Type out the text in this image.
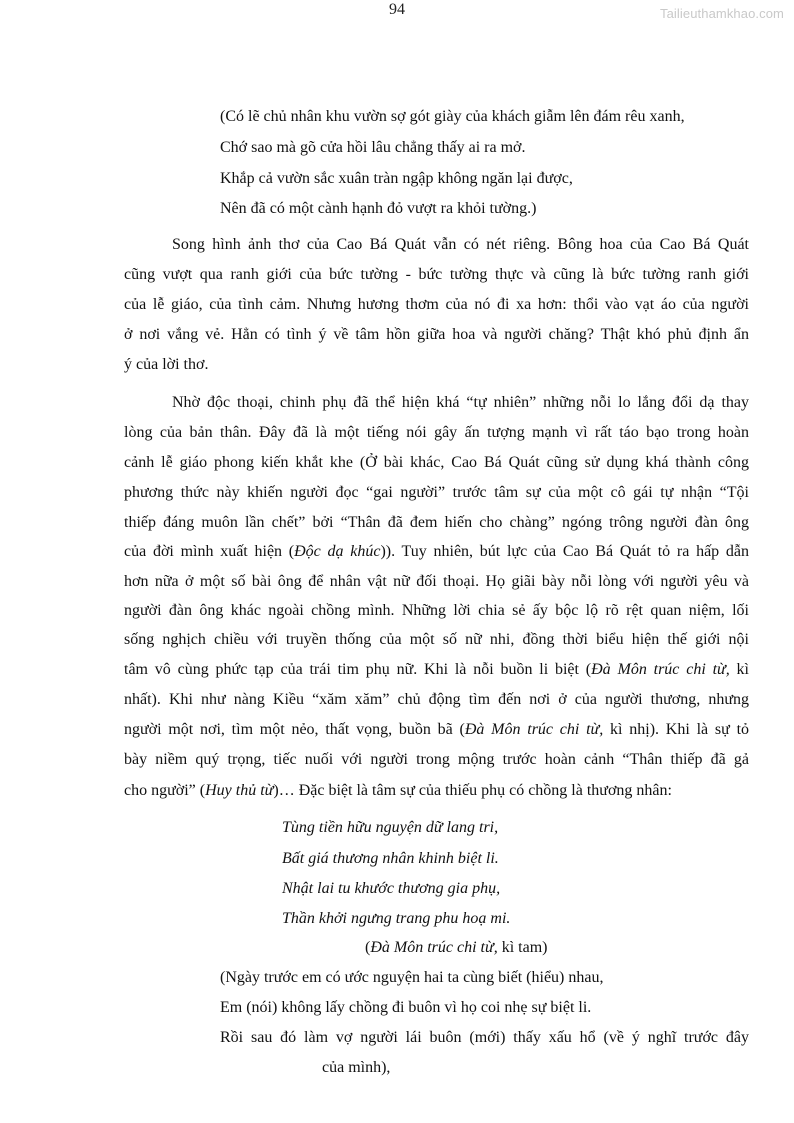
94	Tailieuthamkhao.com
(Có lẽ chủ nhân khu vườn sợ gót giày của khách giẫm lên đám rêu xanh,
Chớ sao mà gõ cửa hồi lâu chẳng thấy ai ra mở.
Khắp cả vườn sắc xuân tràn ngập không ngăn lại được,
Nên đã có một cành hạnh đỏ vượt ra khỏi tường.)
Song hình ảnh thơ của Cao Bá Quát vẫn có nét riêng. Bông hoa của Cao Bá Quát
cũng vượt qua ranh giới của bức tường - bức tường thực và cũng là bức tường ranh giới
của lễ giáo, của tình cảm. Nhưng hương thơm của nó đi xa hơn: thổi vào vạt áo của người
ở nơi vắng vẻ. Hẳn có tình ý về tâm hồn giữa hoa và người chăng? Thật khó phủ định ẩn
ý của lời thơ.
Nhờ độc thoại, chinh phụ đã thể hiện khá “tự nhiên” những nỗi lo lắng đổi dạ thay
lòng của bản thân. Đây đã là một tiếng nói gây ấn tượng mạnh vì rất táo bạo trong hoàn
cảnh lễ giáo phong kiến khắt khe (Ở bài khác, Cao Bá Quát cũng sử dụng khá thành công
phương thức này khiến người đọc “gai người” trước tâm sự của một cô gái tự nhận “Tội
thiếp đáng muôn lần chết” bởi “Thân đã đem hiến cho chàng” ngóng trông người đàn ông
của đời mình xuất hiện (Độc dạ khúc)). Tuy nhiên, bút lực của Cao Bá Quát tỏ ra hấp dẫn
hơn nữa ở một số bài ông để nhân vật nữ đối thoại. Họ giãi bày nỗi lòng với người yêu và
người đàn ông khác ngoài chồng mình. Những lời chia sẻ ấy bộc lộ rõ rệt quan niệm, lối
sống nghịch chiều với truyền thống của một số nữ nhi, đồng thời biểu hiện thế giới nội
tâm vô cùng phức tạp của trái tim phụ nữ. Khi là nỗi buồn li biệt (Đà Môn trúc chi từ, kì
nhất). Khi như nàng Kiều “xăm xăm” chủ động tìm đến nơi ở của người thương, nhưng
người một nơi, tìm một nẻo, thất vọng, buồn bã (Đà Môn trúc chi từ, kì nhị). Khi là sự tỏ
bày niềm quý trọng, tiếc nuối với người trong mộng trước hoàn cảnh “Thân thiếp đã gả
cho người” (Huy thủ từ)… Đặc biệt là tâm sự của thiếu phụ có chồng là thương nhân:
Tùng tiền hữu nguyện dữ lang tri,
Bất giá thương nhân khinh biệt li.
Nhật lai tu khước thương gia phụ,
Thần khởi ngưng trang phu hoạ mi.
(Đà Môn trúc chi từ, kì tam)
(Ngày trước em có ước nguyện hai ta cùng biết (hiểu) nhau,
Em (nói) không lấy chồng đi buôn vì họ coi nhẹ sự biệt li.
Rồi sau đó làm vợ người lái buôn (mới) thấy xấu hổ (về ý nghĩ trước đây
của mình),
